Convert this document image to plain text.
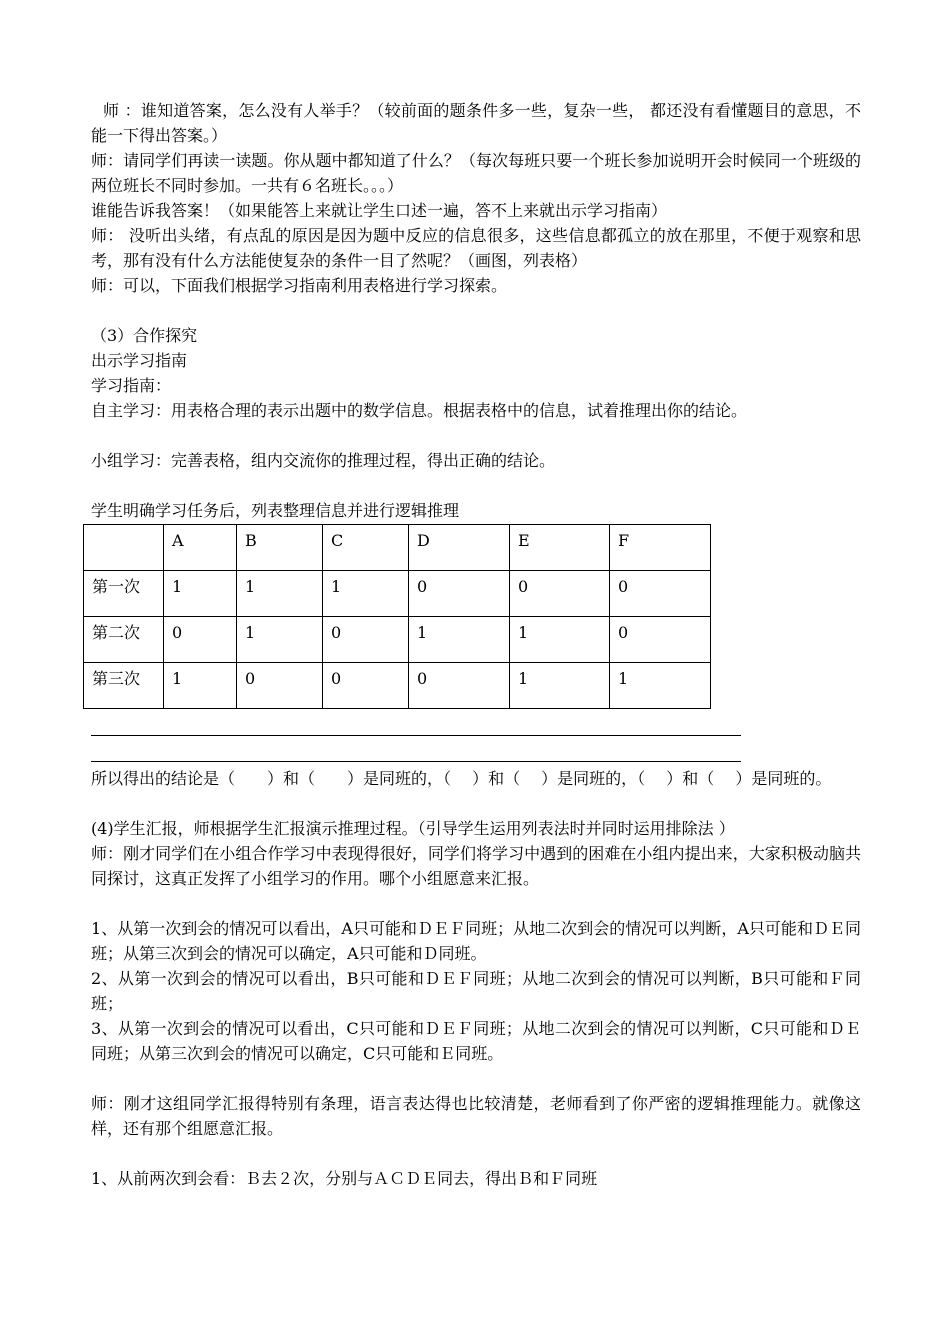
师 ：谁知道答案，怎么没有人举手？（较前面的题条件多一些，复杂一些， 都还没有看懂题目的意思，不能一下得出答案。）

师：请同学们再读一读题。你从题中都知道了什么？（每次每班只要一个班长参加说明开会时候同一个班级的两位班长不同时参加。一共有６名班长。。。）

谁能告诉我答案！（如果能答上来就让学生口述一遍，答不上来就出示学习指南）

师： 没听出头绪，有点乱的原因是因为题中反应的信息很多，这些信息都孤立的放在那里，不便于观察和思考，那有没有什么方法能使复杂的条件一目了然呢？（画图，列表格）

师：可以，下面我们根据学习指南利用表格进行学习探索。

（3）合作探究

出示学习指南

学习指南：

自主学习：用表格合理的表示出题中的数学信息。根据表格中的信息，试着推理出你的结论。

小组学习：完善表格，组内交流你的推理过程，得出正确的结论。

学生明确学习任务后，列表整理信息并进行逻辑推理

	A	B	C	D	E	F
第一次	1	1	1	0	0	0
第二次	0	1	0	1	1	0
第三次	1	0	0	0	1	1

所以得出的结论是（　　）和（　　）是同班的，（　 ）和（　 ）是同班的，（　 ）和（　 ）是同班的。

(4)学生汇报，师根据学生汇报演示推理过程。（引导学生运用列表法时并同时运用排除法 ）

师：刚才同学们在小组合作学习中表现得很好，同学们将学习中遇到的困难在小组内提出来，大家积极动脑共同探讨，这真正发挥了小组学习的作用。哪个小组愿意来汇报。

1、从第一次到会的情况可以看出，A只可能和ＤＥＦ同班；从地二次到会的情况可以判断，A只可能和ＤＥ同班；从第三次到会的情况可以确定，A只可能和Ｄ同班。

2、从第一次到会的情况可以看出，B只可能和ＤＥＦ同班；从地二次到会的情况可以判断，B只可能和Ｆ同班；

3、从第一次到会的情况可以看出，C只可能和ＤＥＦ同班；从地二次到会的情况可以判断，C只可能和ＤＥ同班；从第三次到会的情况可以确定，C只可能和Ｅ同班。

师：刚才这组同学汇报得特别有条理，语言表达得也比较清楚，老师看到了你严密的逻辑推理能力。就像这样，还有那个组愿意汇报。

1、从前两次到会看：Ｂ去２次，分别与ＡＣＤＥ同去，得出Ｂ和Ｆ同班
